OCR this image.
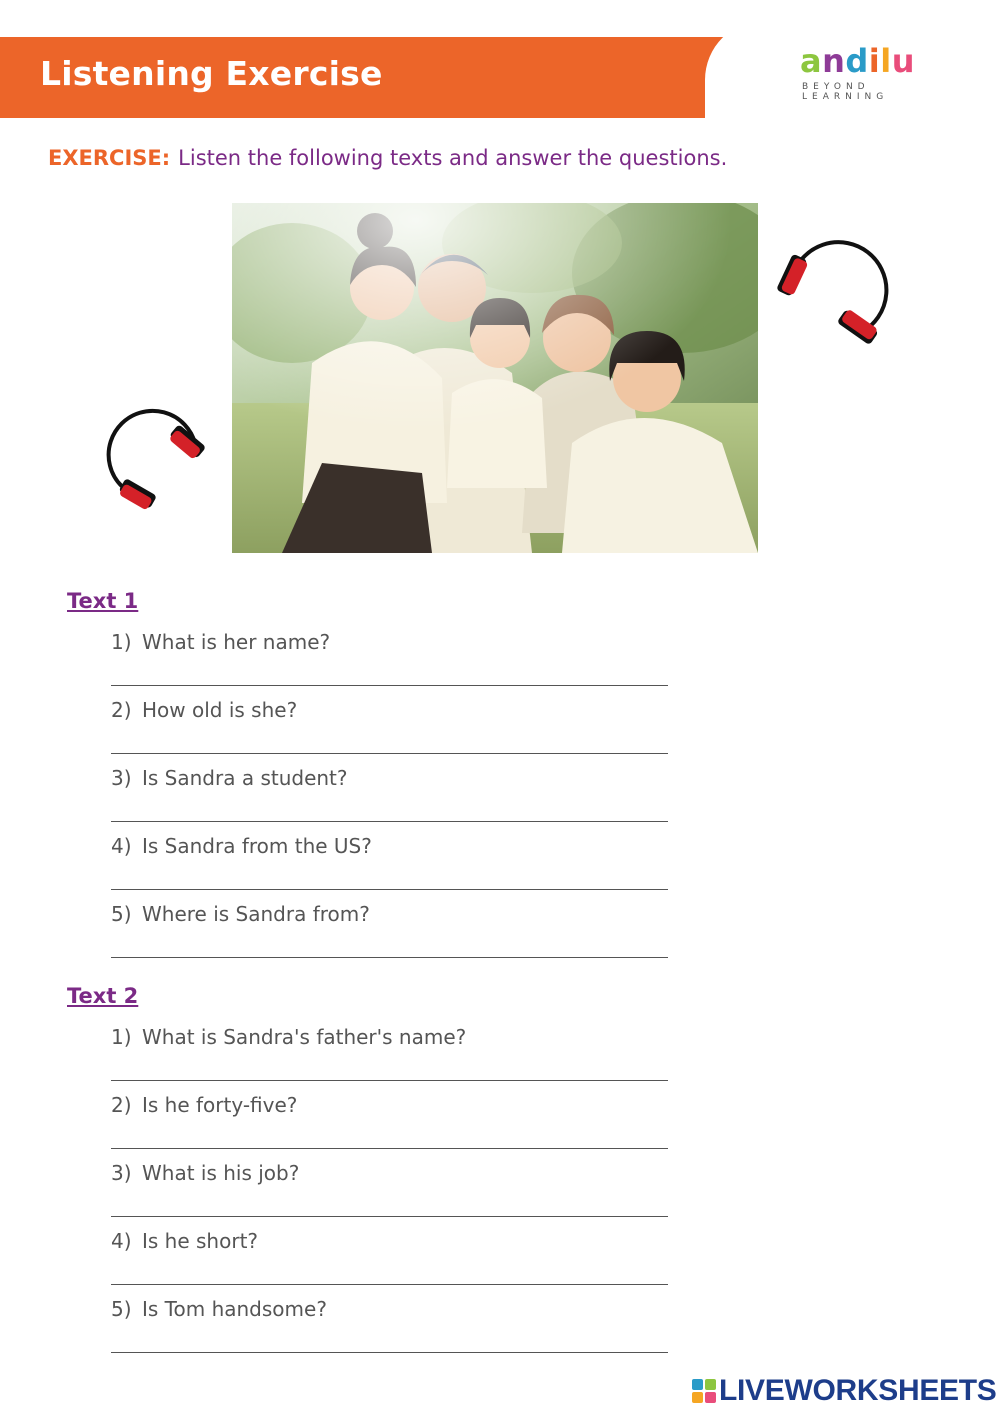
Listening Exercise	andilu
BEYOND LEARNING
EXERCISE: Listen the following texts and answer the questions.
Text 1
1) What is her name?
2) How old is she?
3) Is Sandra a student?
4) Is Sandra from the US?
5) Where is Sandra from?
Text 2
1) What is Sandra's father's name?
2) Is he forty-five?
3) What is his job?
4) Is he short?
5) Is Tom handsome?
LIVEWORKSHEETS
